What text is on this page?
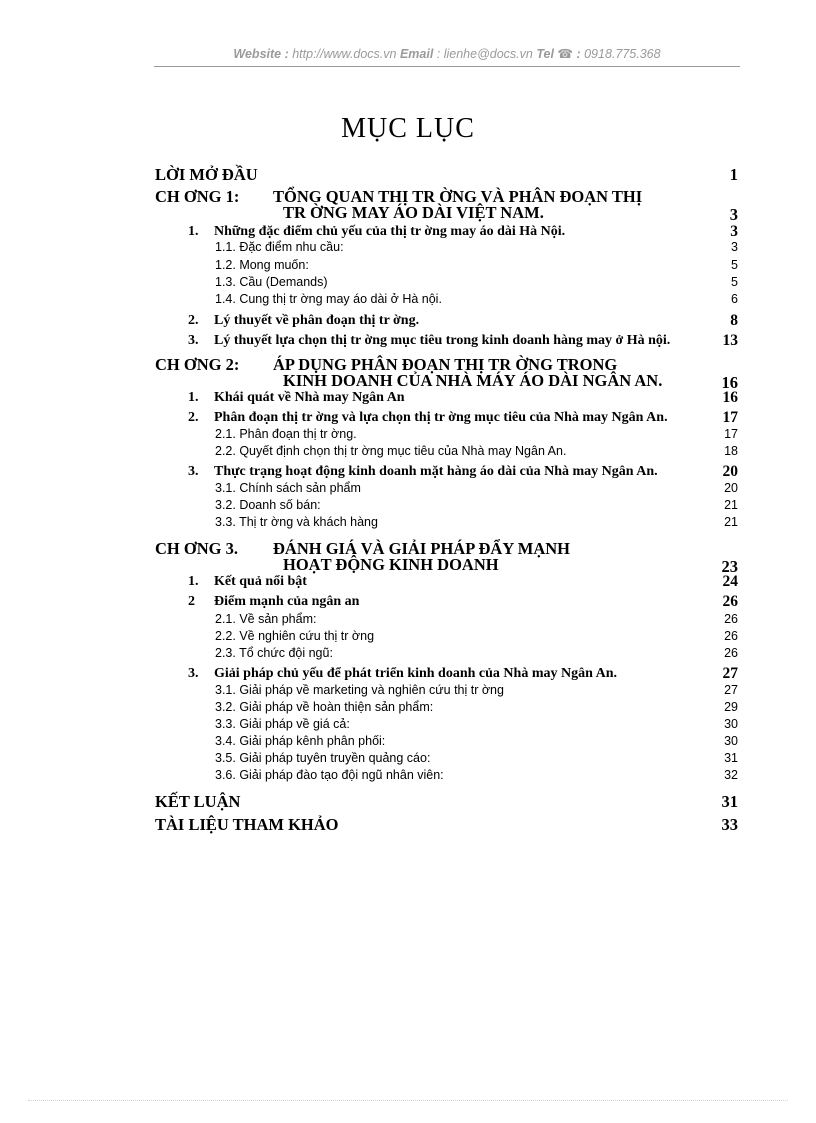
Website : http://www.docs.vn Email : lienhe@docs.vn Tel ☎ : 0918.775.368
MỤC LỤC
LỜI MỞ ĐẦU	1
CH ƠNG 1: TỔNG QUAN THỊ TR ỜNG VÀ PHÂN ĐOẠN THỊ
TR ỜNG MAY ÁO DÀI VIỆT NAM.	3
1. Những đặc điểm chủ yếu của thị tr ờng may áo dài Hà Nội.	3
1.1. Đặc điểm nhu cầu:	3
1.2. Mong muốn:	5
1.3. Cầu (Demands)	5
1.4. Cung thị tr ờng may áo dài ở Hà nội.	6
2. Lý thuyết về phân đoạn thị tr ờng.	8
3. Lý thuyết lựa chọn thị tr ờng mục tiêu trong kinh doanh hàng may ở Hà nội.	13
CH ƠNG 2: ÁP DỤNG PHÂN ĐOẠN THỊ TR ỜNG TRONG
KINH DOANH CỦA NHÀ MÁY ÁO DÀI NGÂN AN.	16
1. Khái quát về Nhà may Ngân An	16
2. Phân đoạn thị tr ờng và lựa chọn thị tr ờng mục tiêu của Nhà may Ngân An.	17
2.1. Phân đoạn thị tr ờng.	17
2.2. Quyết định chọn thị tr ờng mục tiêu của Nhà may Ngân An.	18
3. Thực trạng hoạt động kinh doanh mặt hàng áo dài của Nhà may Ngân An.	20
3.1. Chính sách sản phẩm	20
3.2. Doanh số bán:	21
3.3. Thị tr ờng và khách hàng	21
CH ƠNG 3. ĐÁNH GIÁ VÀ GIẢI PHÁP ĐẨY MẠNH
HOẠT ĐỘNG KINH DOANH	23
1. Kết quả nổi bật	24
2 Điểm mạnh của ngân an	26
2.1. Về sản phẩm:	26
2.2. Về nghiên cứu thị tr ờng	26
2.3. Tổ chức đội ngũ:	26
3. Giải pháp chủ yếu để phát triển kinh doanh của Nhà may Ngân An.	27
3.1. Giải pháp về marketing và nghiên cứu thị tr ờng	27
3.2. Giải pháp về hoàn thiện sản phẩm:	29
3.3. Giải pháp về giá cả:	30
3.4. Giải pháp kênh phân phối:	30
3.5. Giải pháp tuyên truyền quảng cáo:	31
3.6. Giải pháp đào tạo đội ngũ nhân viên:	32
KẾT LUẬN	31
TÀI LIỆU THAM KHẢO	33
